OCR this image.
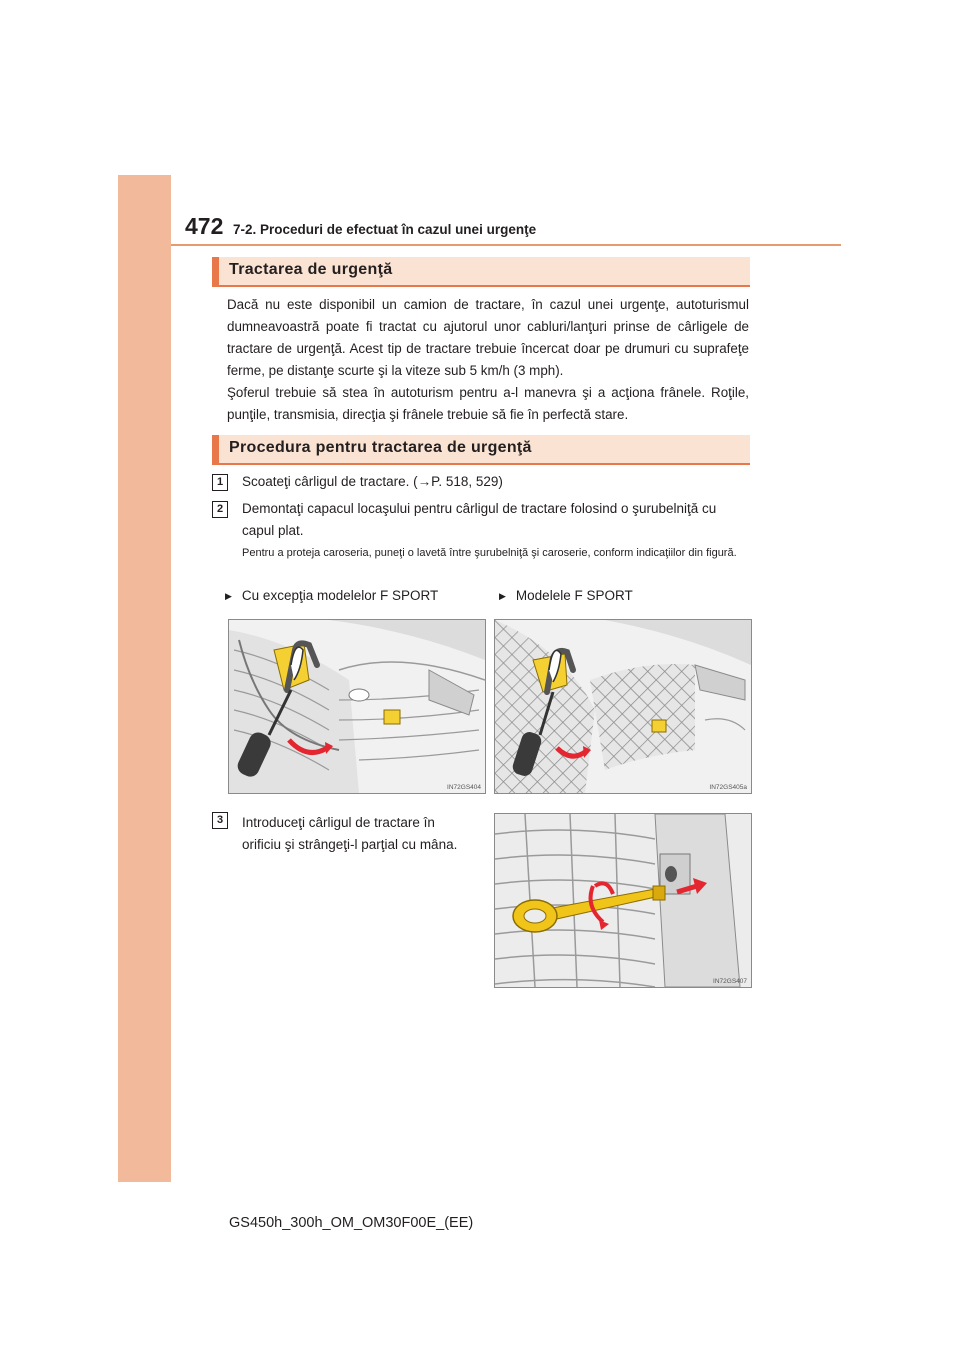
472 7-2. Proceduri de efectuat în cazul unei urgenţe
Tractarea de urgenţă
Dacă nu este disponibil un camion de tractare, în cazul unei urgenţe, autoturismul dumneavoastră poate fi tractat cu ajutorul unor cabluri/lanţuri prinse de cârligele de tractare de urgenţă. Acest tip de tractare trebuie încercat doar pe drumuri cu suprafeţe ferme, pe distanţe scurte şi la viteze sub 5 km/h (3 mph).
Şoferul trebuie să stea în autoturism pentru a-l manevra şi a acţiona frânele. Roţile, punţile, transmisia, direcţia şi frânele trebuie să fie în perfectă stare.
Procedura pentru tractarea de urgenţă
1	Scoateţi cârligul de tractare. (→P. 518, 529)
2	Demontaţi capacul locaşului pentru cârligul de tractare folosind o şurubelniţă cu capul plat.
Pentru a proteja caroseria, puneţi o lavetă între şurubelniţă şi caroserie, conform indicaţiilor din figură.
▶ Cu excepţia modelelor F SPORT	▶ Modelele F SPORT
IN72GS404	IN72GS405a
3	Introduceţi cârligul de tractare în orificiu şi strângeţi-l parţial cu mâna.
IN72GS407
GS450h_300h_OM_OM30F00E_(EE)
